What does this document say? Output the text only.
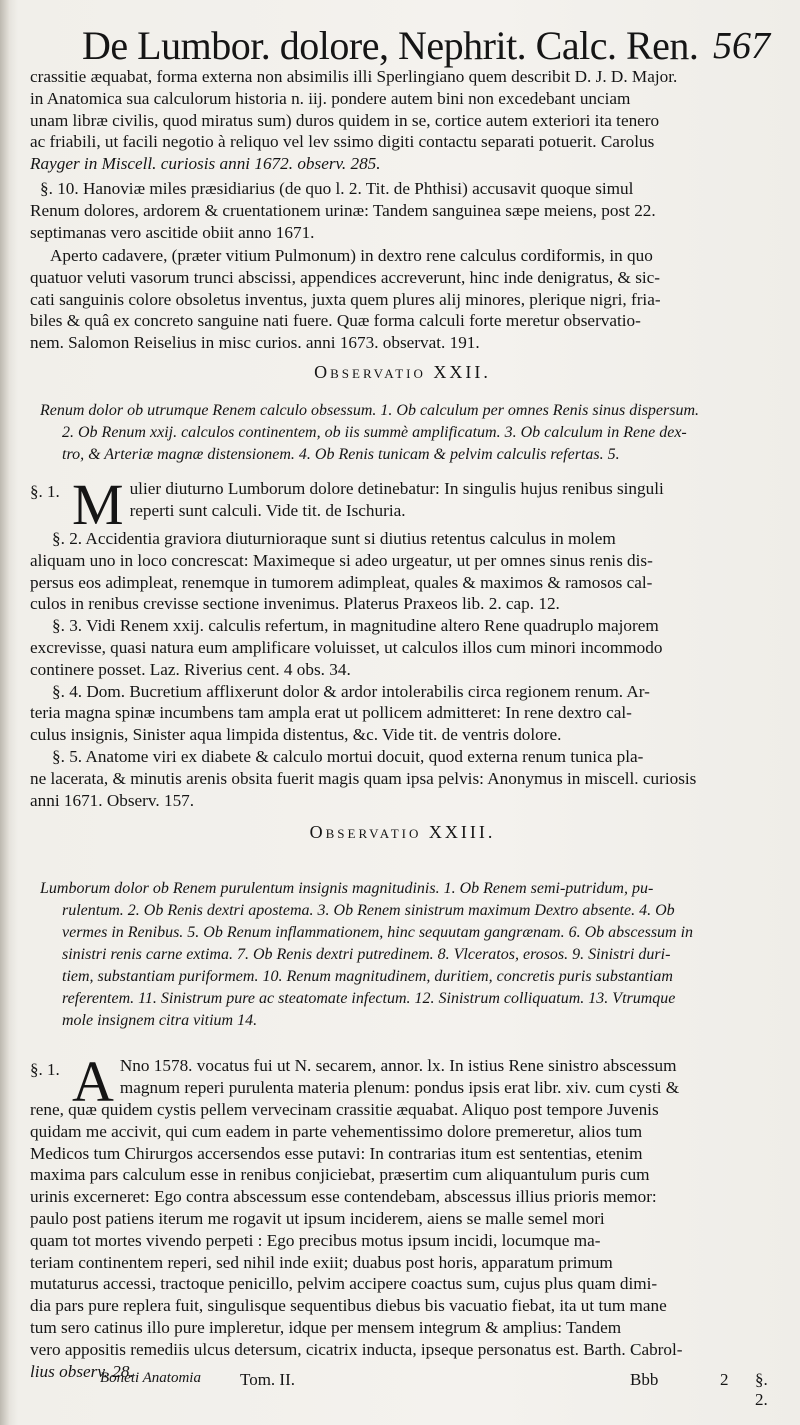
De Lumbor. dolore, Nephrit. Calc. Ren. 567
crassitie æquabat, forma externa non absimilis illi Sperlingiano quem describit D. J. D. Major.
in Anatomica sua calculorum historia n. iij. pondere autem bini non excedebant unciam
unam libræ civilis, quod miratus sum) duros quidem in se, cortice autem exteriori ita tenero
ac friabili, ut facili negotio à reliquo vel lev ssimo digiti contactu separati potuerit. Carolus
Rayger in Miscell. curiosis anni 1672. observ. 285.
§. 10. Hanoviæ miles præsidiarius (de quo l. 2. Tit. de Phthisi) accusavit quoque simul
Renum dolores, ardorem & cruentationem urinæ: Tandem sanguinea sæpe meiens, post 22.
septimanas vero ascitide obiit anno 1671.
Aperto cadavere, (præter vitium Pulmonum) in dextro rene calculus cordiformis, in quo
quatuor veluti vasorum trunci abscissi, appendices accreverunt, hinc inde denigratus, & sic-
cati sanguinis colore obsoletus inventus, juxta quem plures alij minores, plerique nigri, fria-
biles & quâ ex concreto sanguine nati fuere. Quæ forma calculi forte meretur observatio-
nem. Salomon Reiselius in misc curios. anni 1673. observat. 191.
Observatio XXII.
Renum dolor ob utrumque Renem calculo obsessum. 1. Ob calculum per omnes Renis sinus dispersum.
2. Ob Renum xxij. calculos continentem, ob iis summè amplificatum. 3. Ob calculum in Rene dex-
tro, & Arteriæ magnæ distensionem. 4. Ob Renis tunicam & pelvim calculis refertas. 5.
§. 1. M ulier diuturno Lumborum dolore detinebatur: In singulis hujus renibus singuli
reperti sunt calculi. Vide tit. de Ischuria.
§. 2. Accidentia graviora diuturnioraque sunt si diutius retentus calculus in molem
aliquam uno in loco concrescat: Maximeque si adeo urgeatur, ut per omnes sinus renis dis-
persus eos adimpleat, renemque in tumorem adimpleat, quales & maximos & ramosos cal-
culos in renibus crevisse sectione invenimus. Platerus Praxeos lib. 2. cap. 12.
§. 3. Vidi Renem xxij. calculis refertum, in magnitudine altero Rene quadruplo majorem
excrevisse, quasi natura eum amplificare voluisset, ut calculos illos cum minori incommodo
continere posset. Laz. Riverius cent. 4 obs. 34.
§. 4. Dom. Bucretium afflixerunt dolor & ardor intolerabilis circa regionem renum. Ar-
teria magna spinæ incumbens tam ampla erat ut pollicem admitteret: In rene dextro cal-
culus insignis, Sinister aqua limpida distentus, &c. Vide tit. de ventris dolore.
§. 5. Anatome viri ex diabete & calculo mortui docuit, quod externa renum tunica pla-
ne lacerata, & minutis arenis obsita fuerit magis quam ipsa pelvis: Anonymus in miscell. curiosis
anni 1671. Observ. 157.
Observatio XXIII.
Lumborum dolor ob Renem purulentum insignis magnitudinis. 1. Ob Renem semi-putridum, pu-
rulentum. 2. Ob Renis dextri apostema. 3. Ob Renem sinistrum maximum Dextro absente. 4. Ob
vermes in Renibus. 5. Ob Renum inflammationem, hinc sequutam gangrænam. 6. Ob abscessum in
sinistri renis carne extima. 7. Ob Renis dextri putredinem. 8. Vlceratos, erosos. 9. Sinistri duri-
tiem, substantiam puriformem. 10. Renum magnitudinem, duritiem, concretis puris substantiam
referentem. 11. Sinistrum pure ac steatomate infectum. 12. Sinistrum colliquatum. 13. Vtrumque
mole insignem citra vitium 14.
§. 1. A Nno 1578. vocatus fui ut N. secarem, annor. lx. In istius Rene sinistro abscessum
magnum reperi purulenta materia plenum: pondus ipsis erat libr. xiv. cum cysti &
rene, quæ quidem cystis pellem vervecinam crassitie æquabat. Aliquo post tempore Juvenis
quidam me accivit, qui cum eadem in parte vehementissimo dolore premeretur, alios tum
Medicos tum Chirurgos accersendos esse putavi: In contrarias itum est sententias, etenim
maxima pars calculum esse in renibus conjiciebat, præsertim cum aliquantulum puris cum
urinis excerneret: Ego contra abscessum esse contendebam, abscessus illius prioris memor:
paulo post patiens iterum me rogavit ut ipsum inciderem, aiens se malle semel mori
quam tot mortes vivendo perpeti : Ego precibus motus ipsum incidi, locumque ma-
teriam continentem reperi, sed nihil inde exiit; duabus post horis, apparatum primum
mutaturus accessi, tractoque penicillo, pelvim accipere coactus sum, cujus plus quam dimi-
dia pars pure replera fuit, singulisque sequentibus diebus bis vacuatio fiebat, ita ut tum mane
tum sero catinus illo pure impleretur, idque per mensem integrum & amplius: Tandem
vero appositis remediis ulcus detersum, cicatrix inducta, ipseque personatus est. Barth. Cabrol-
lius observ. 28.
Boneti Anatomia Tom. II.	Bbb	2 §. 2.
